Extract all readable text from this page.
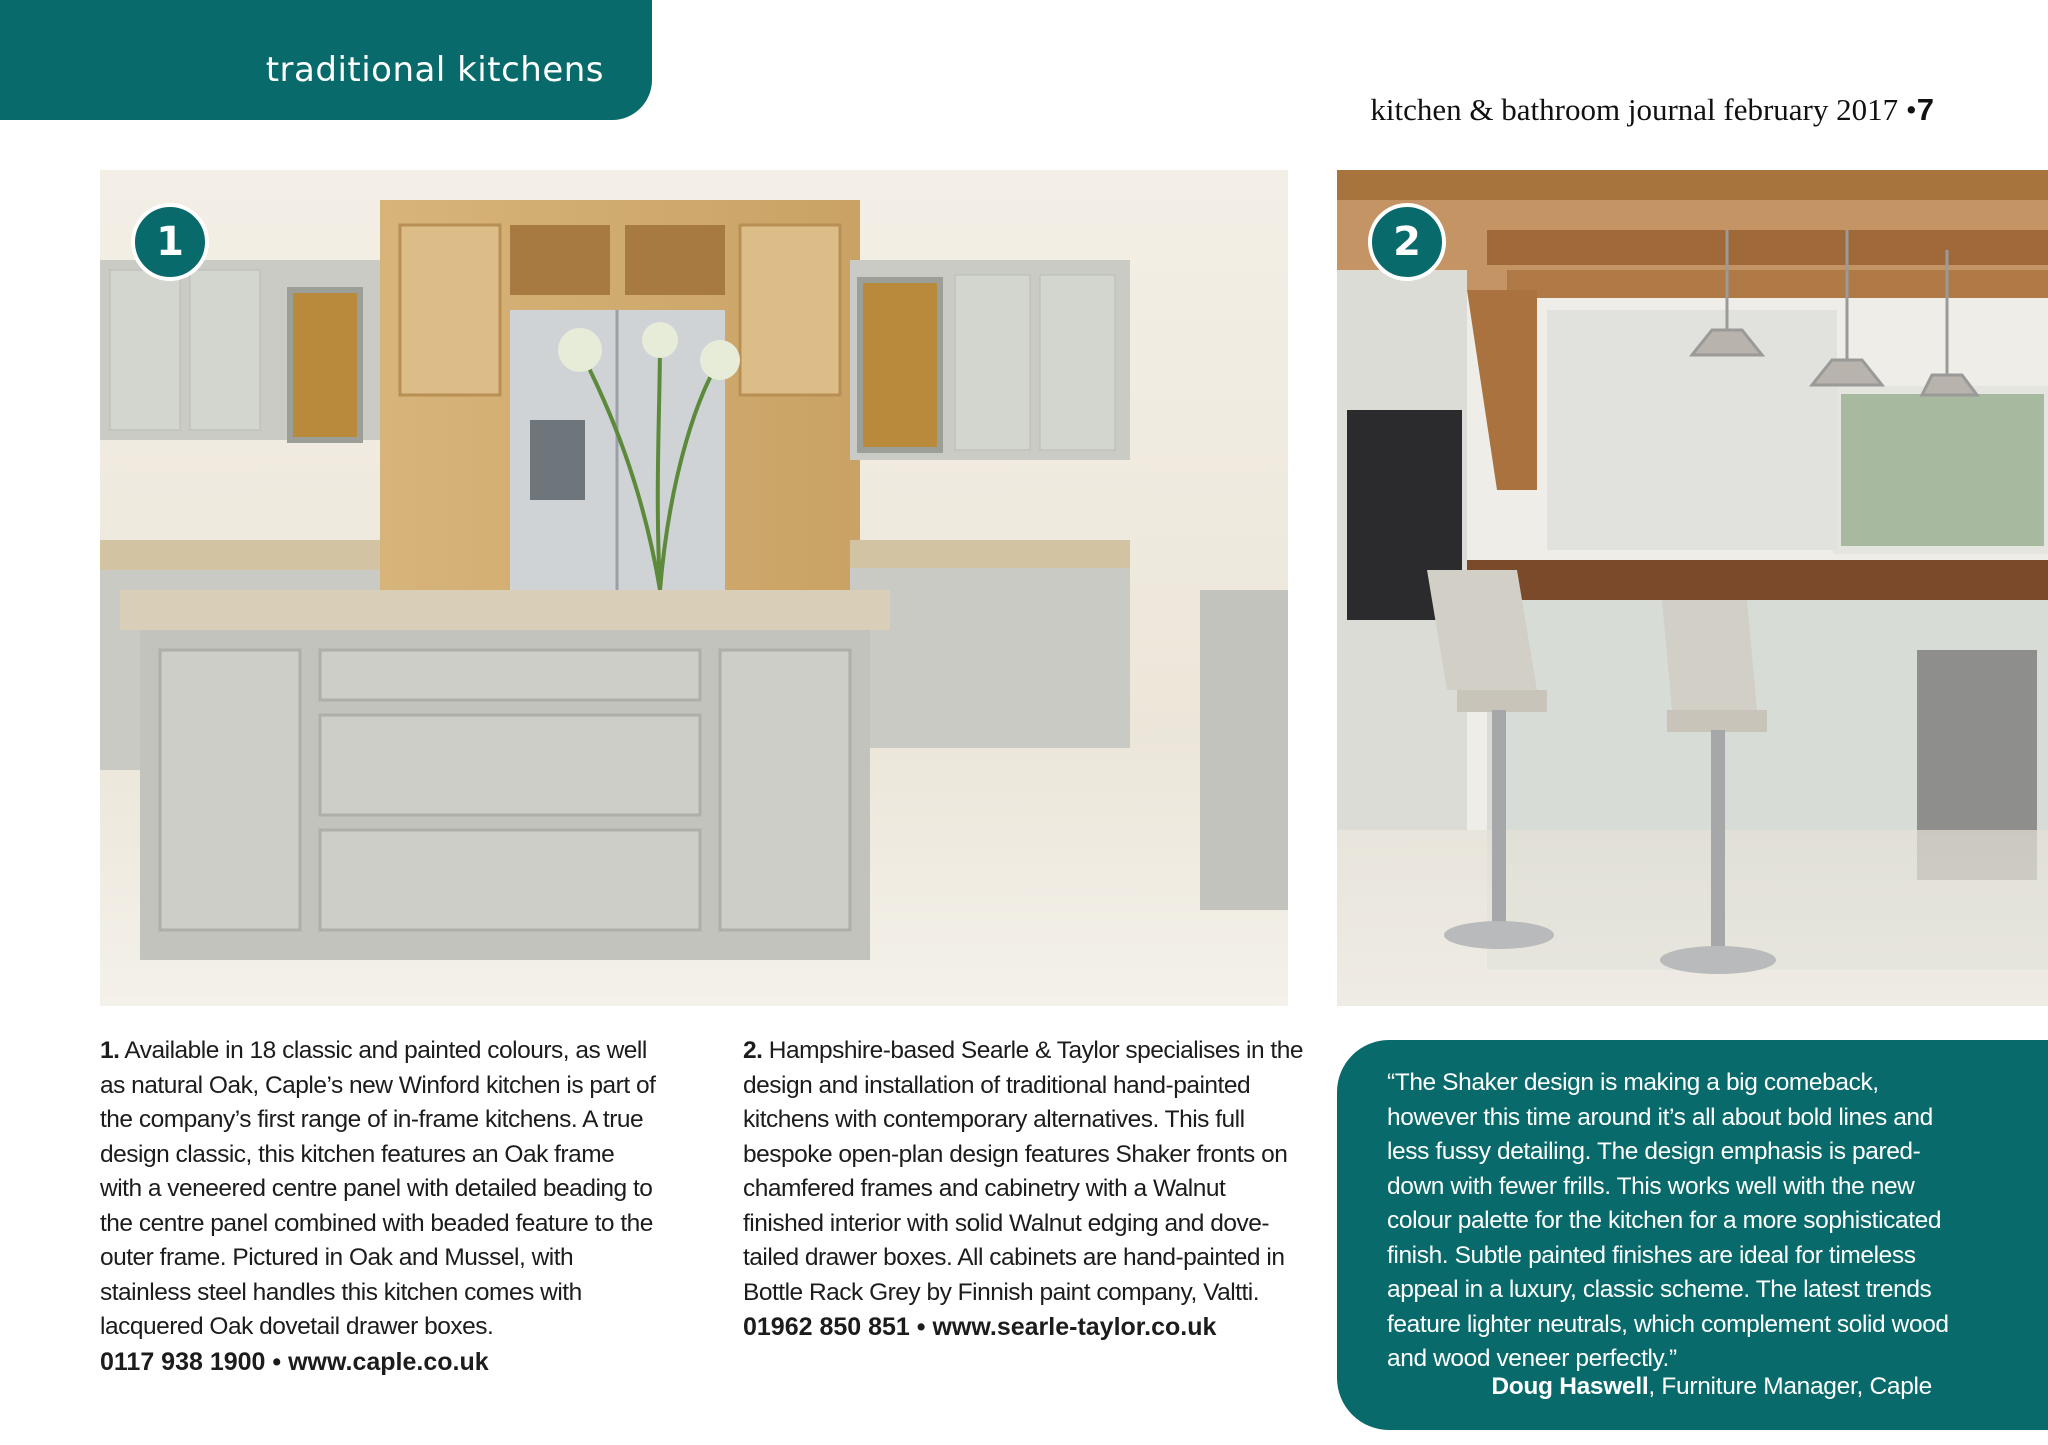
traditional kitchens
kitchen & bathroom journal february 2017 •7
1	2
1. Available in 18 classic and painted colours, as well as natural Oak, Caple’s new Winford kitchen is part of the company’s first range of in-frame kitchens. A true design classic, this kitchen features an Oak frame with a veneered centre panel with detailed beading to the centre panel combined with beaded feature to the outer frame. Pictured in Oak and Mussel, with stainless steel handles this kitchen comes with lacquered Oak dovetail drawer boxes.
0117 938 1900 • www.caple.co.uk
2. Hampshire-based Searle & Taylor specialises in the design and installation of traditional hand-painted kitchens with contemporary alternatives. This full bespoke open-plan design features Shaker fronts on chamfered frames and cabinetry with a Walnut finished interior with solid Walnut edging and dove-tailed drawer boxes. All cabinets are hand-painted in Bottle Rack Grey by Finnish paint company, Valtti.
01962 850 851 • www.searle-taylor.co.uk
“The Shaker design is making a big comeback, however this time around it’s all about bold lines and less fussy detailing. The design emphasis is pared-down with fewer frills. This works well with the new colour palette for the kitchen for a more sophisticated finish. Subtle painted finishes are ideal for timeless appeal in a luxury, classic scheme. The latest trends feature lighter neutrals, which complement solid wood and wood veneer perfectly.”
Doug Haswell, Furniture Manager, Caple
